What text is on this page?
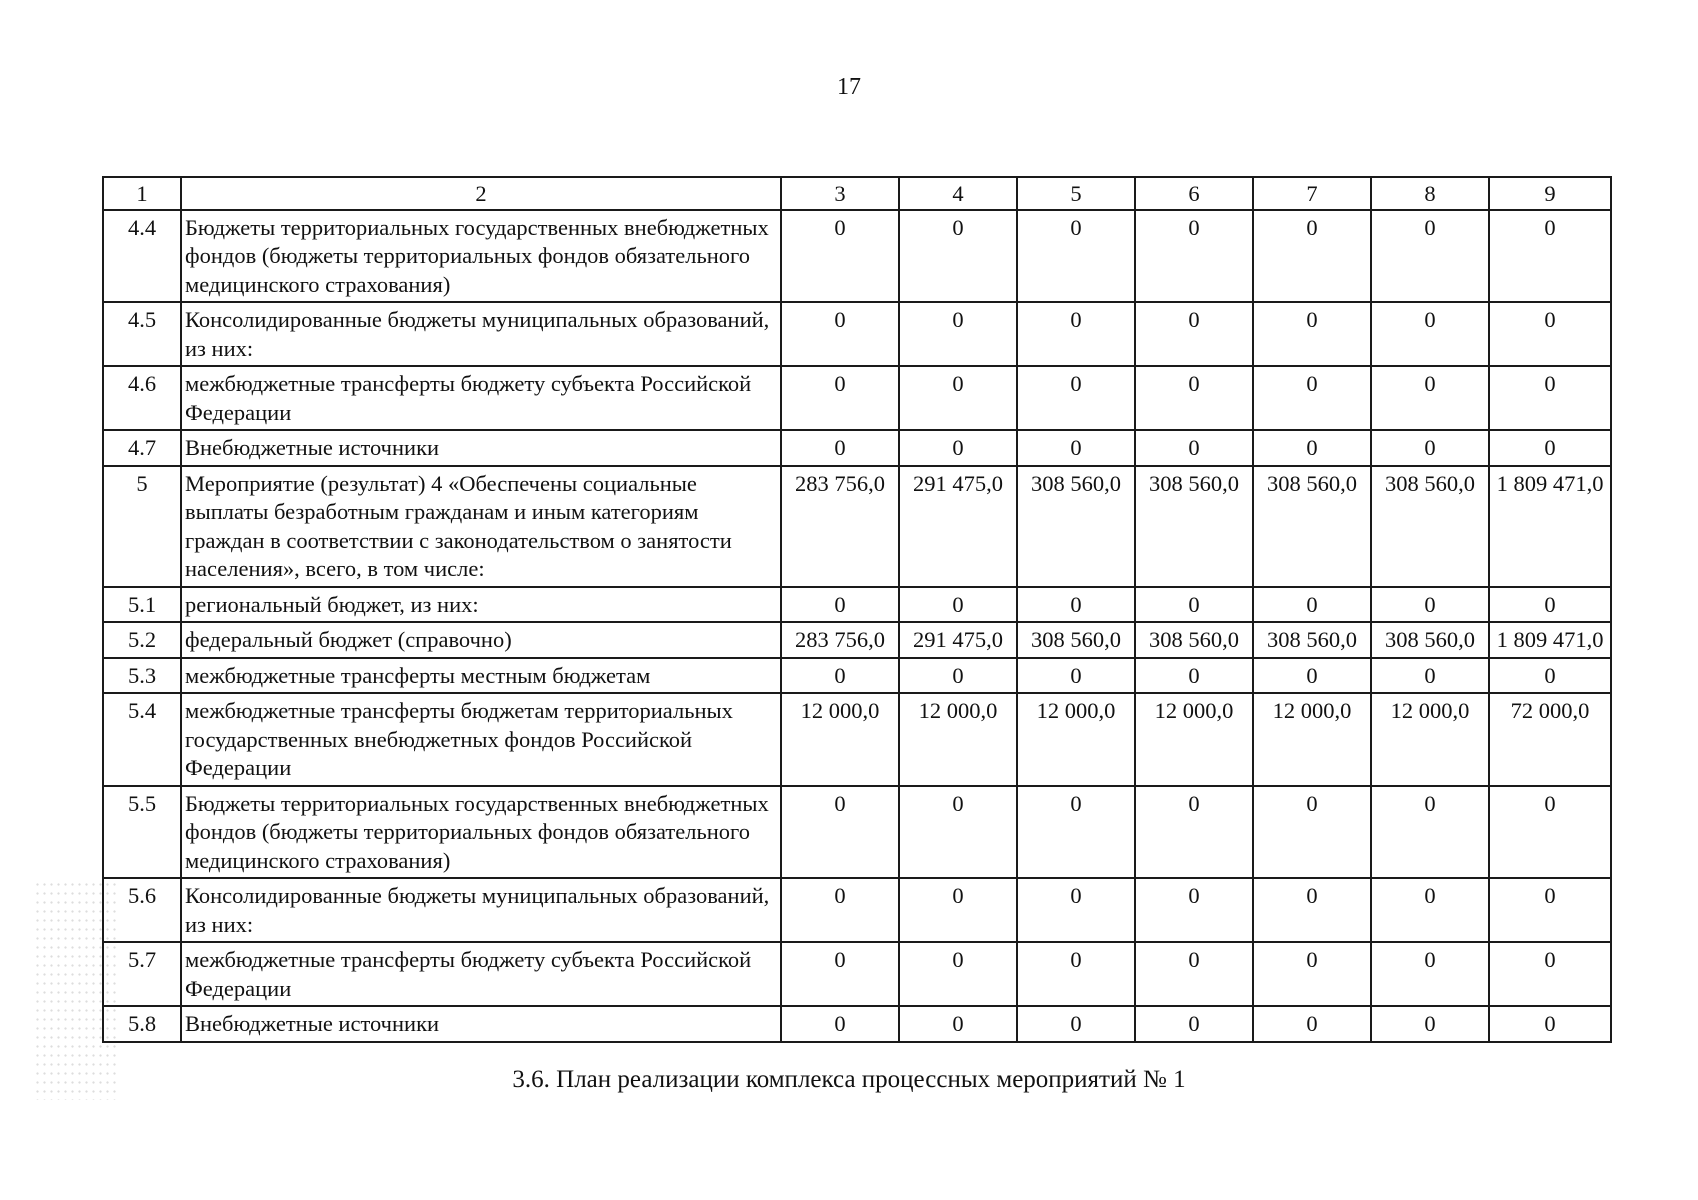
17
1	2	3	4	5	6	7	8	9
4.4	Бюджеты территориальных государственных внебюджетных фондов (бюджеты территориальных фондов обязательного медицинского страхования)	0	0	0	0	0	0	0
4.5	Консолидированные бюджеты муниципальных образований, из них:	0	0	0	0	0	0	0
4.6	межбюджетные трансферты бюджету субъекта Российской Федерации	0	0	0	0	0	0	0
4.7	Внебюджетные источники	0	0	0	0	0	0	0
5	Мероприятие (результат) 4 «Обеспечены социальные выплаты безработным гражданам и иным категориям граждан в соответствии с законодательством о занятости населения», всего, в том числе:	283 756,0	291 475,0	308 560,0	308 560,0	308 560,0	308 560,0	1 809 471,0
5.1	региональный бюджет, из них:	0	0	0	0	0	0	0
5.2	федеральный бюджет (справочно)	283 756,0	291 475,0	308 560,0	308 560,0	308 560,0	308 560,0	1 809 471,0
5.3	межбюджетные трансферты местным бюджетам	0	0	0	0	0	0	0
5.4	межбюджетные трансферты бюджетам территориальных государственных внебюджетных фондов Российской Федерации	12 000,0	12 000,0	12 000,0	12 000,0	12 000,0	12 000,0	72 000,0
5.5	Бюджеты территориальных государственных внебюджетных фондов (бюджеты территориальных фондов обязательного медицинского страхования)	0	0	0	0	0	0	0
5.6	Консолидированные бюджеты муниципальных образований, из них:	0	0	0	0	0	0	0
5.7	межбюджетные трансферты бюджету субъекта Российской Федерации	0	0	0	0	0	0	0
5.8	Внебюджетные источники	0	0	0	0	0	0	0
3.6. План реализации комплекса процессных мероприятий № 1
